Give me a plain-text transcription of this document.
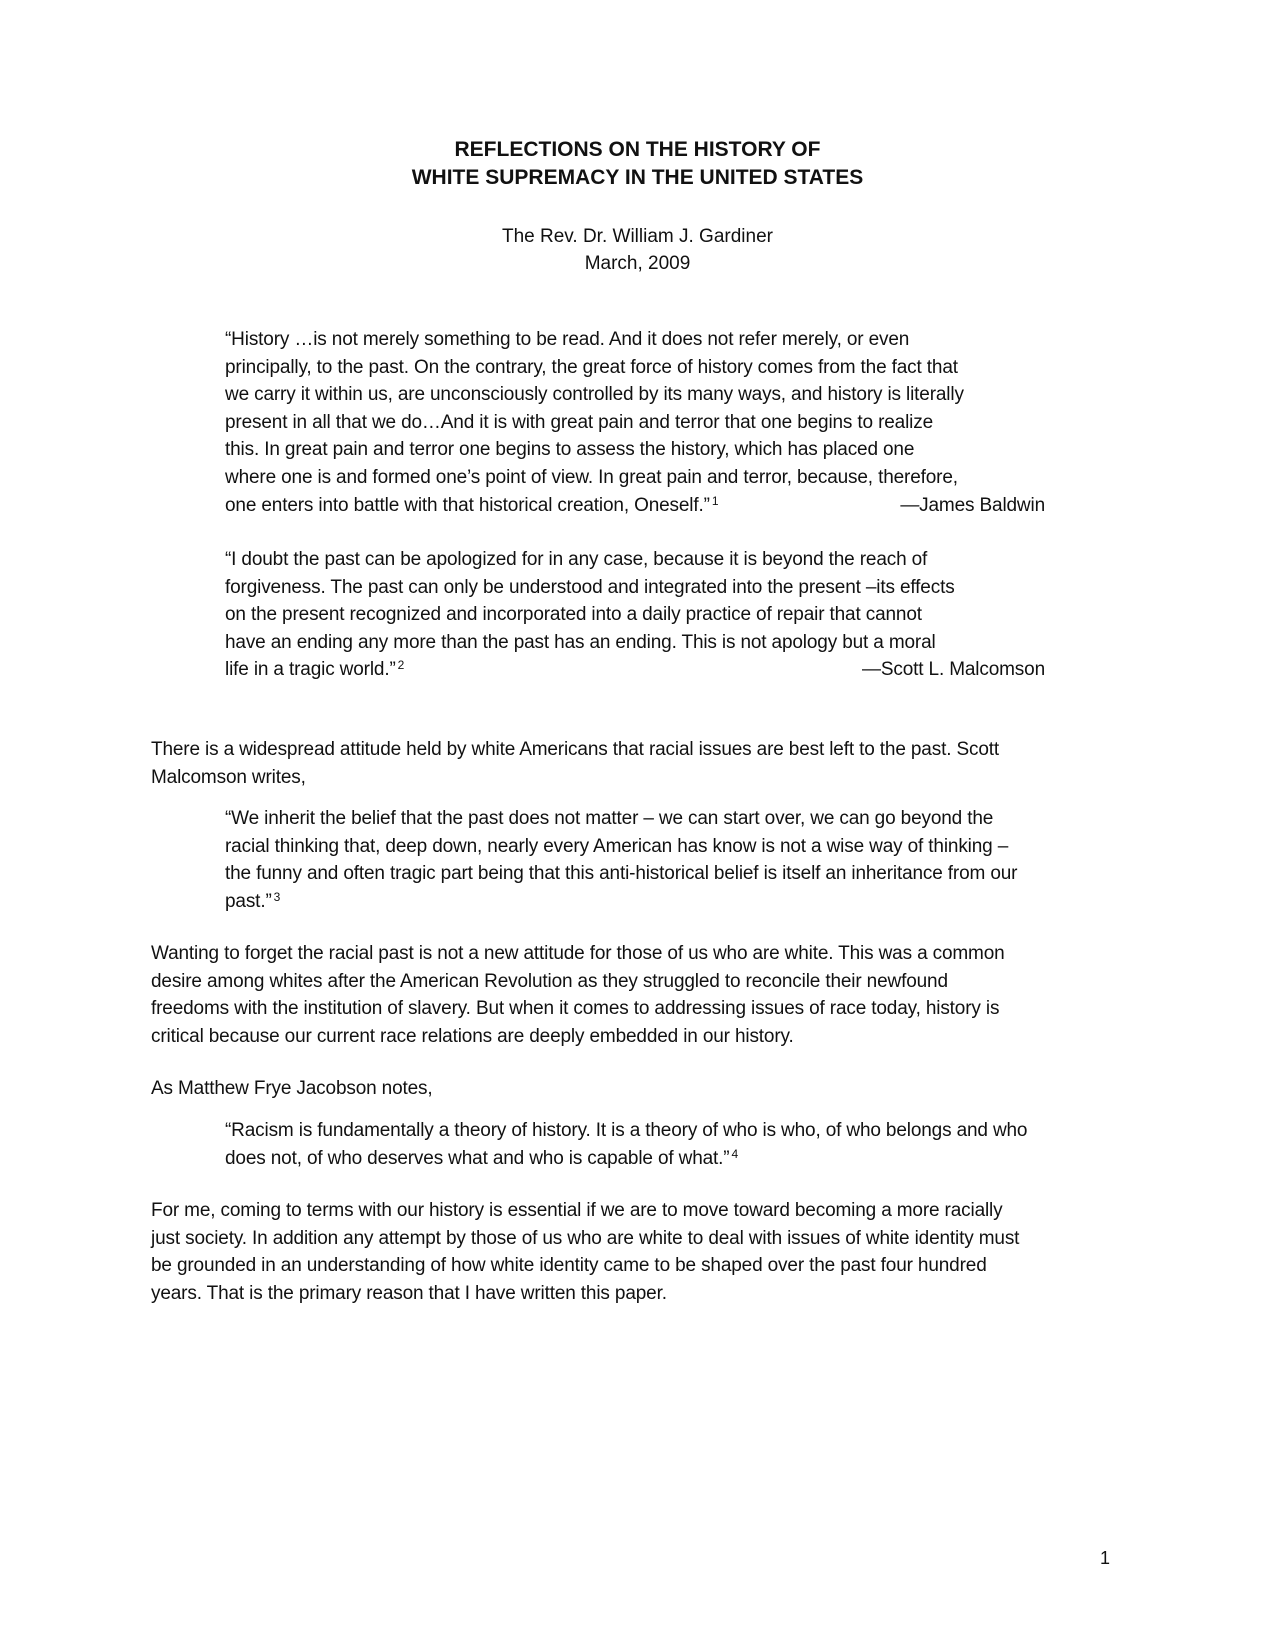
REFLECTIONS ON THE HISTORY OF
WHITE SUPREMACY IN THE UNITED STATES
The Rev. Dr. William J. Gardiner
March, 2009
“History …is not merely something to be read. And it does not refer merely, or even
principally, to the past. On the contrary, the great force of history comes from the fact that
we carry it within us, are unconsciously controlled by its many ways, and history is literally
present in all that we do…And it is with great pain and terror that one begins to realize
this. In great pain and terror one begins to assess the history, which has placed one
where one is and formed one’s point of view. In great pain and terror, because, therefore,
one enters into battle with that historical creation, Oneself.” $^1$	—James Baldwin
“I doubt the past can be apologized for in any case, because it is beyond the reach of
forgiveness. The past can only be understood and integrated into the present –its effects
on the present recognized and incorporated into a daily practice of repair that cannot
have an ending any more than the past has an ending. This is not apology but a moral
life in a tragic world.” $^2$	―Scott L. Malcomson
There is a widespread attitude held by white Americans that racial issues are best left to the past. Scott
Malcomson writes,
“We inherit the belief that the past does not matter – we can start over, we can go beyond the
racial thinking that, deep down, nearly every American has know is not a wise way of thinking –
the funny and often tragic part being that this anti-historical belief is itself an inheritance from our
past.” $^3$
Wanting to forget the racial past is not a new attitude for those of us who are white. This was a common
desire among whites after the American Revolution as they struggled to reconcile their newfound
freedoms with the institution of slavery. But when it comes to addressing issues of race today, history is
critical because our current race relations are deeply embedded in our history.
As Matthew Frye Jacobson notes,
“Racism is fundamentally a theory of history. It is a theory of who is who, of who belongs and who
does not, of who deserves what and who is capable of what.” $^4$
For me, coming to terms with our history is essential if we are to move toward becoming a more racially
just society. In addition any attempt by those of us who are white to deal with issues of white identity must
be grounded in an understanding of how white identity came to be shaped over the past four hundred
years. That is the primary reason that I have written this paper.
1
